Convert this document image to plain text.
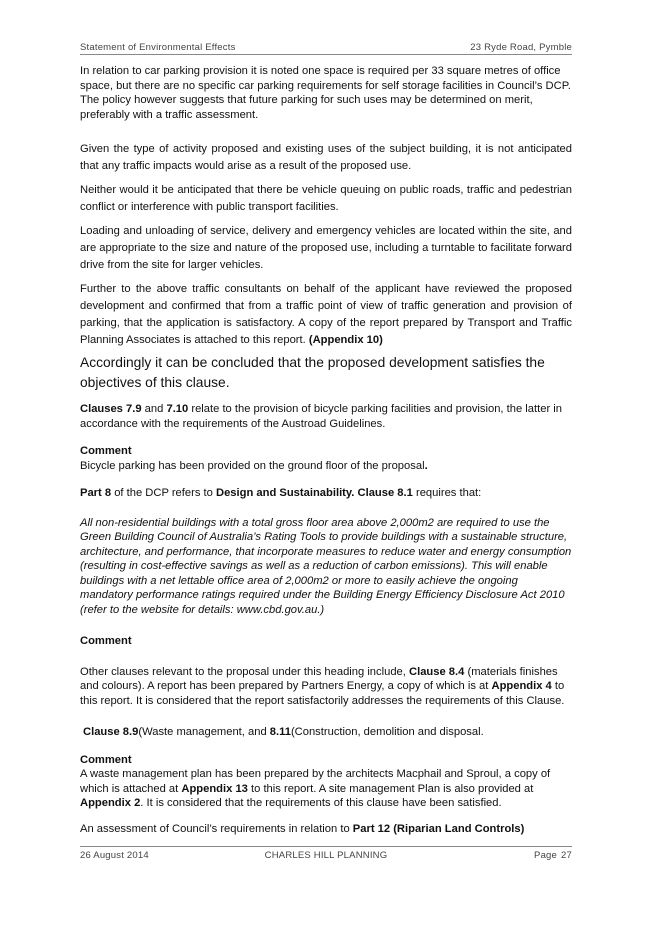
Statement of Environmental Effects	23 Ryde Road, Pymble

In relation to car parking provision it is noted one space is required per 33 square metres of office space, but there are no specific car parking requirements for self storage facilities in Council’s DCP. The policy however suggests that future parking for such uses may be determined on merit, preferably with a traffic assessment.

Given the type of activity proposed and existing uses of the subject building, it is not anticipated that any traffic impacts would arise as a result of the proposed use.

Neither would it be anticipated that there be vehicle queuing on public roads, traffic and pedestrian conflict or interference with public transport facilities.

Loading and unloading of service, delivery and emergency vehicles are located within the site, and are appropriate to the size and nature of the proposed use, including a turntable to facilitate forward drive from the site for larger vehicles.

Further to the above traffic consultants on behalf of the applicant have reviewed the proposed development and confirmed that from a traffic point of view of traffic generation and provision of parking, that the application is satisfactory. A copy of the report prepared by Transport and Traffic Planning Associates is attached to this report. (Appendix 10)

Accordingly it can be concluded that the proposed development satisfies the objectives of this clause.

Clauses 7.9 and 7.10 relate to the provision of bicycle parking facilities and provision, the latter in accordance with the requirements of the Austroad Guidelines.

Comment

Bicycle parking has been provided on the ground floor of the proposal.

Part 8 of the DCP refers to Design and Sustainability. Clause 8.1 requires that:

All non-residential buildings with a total gross floor area above 2,000m2 are required to use the Green Building Council of Australia’s Rating Tools to provide buildings with a sustainable structure, architecture, and performance, that incorporate measures to reduce water and energy consumption (resulting in cost-effective savings as well as a reduction of carbon emissions). This will enable buildings with a net lettable office area of 2,000m2 or more to easily achieve the ongoing mandatory performance ratings required under the Building Energy Efficiency Disclosure Act 2010 (refer to the website for details: www.cbd.gov.au.)

Comment

Other clauses relevant to the proposal under this heading include, Clause 8.4 (materials finishes and colours). A report has been prepared by Partners Energy, a copy of which is at Appendix 4 to this report. It is considered that the report satisfactorily addresses the requirements of this Clause.

Clause 8.9(Waste management, and 8.11(Construction, demolition and disposal.

Comment

A waste management plan has been prepared by the architects Macphail and Sproul, a copy of which is attached at Appendix 13 to this report. A site management Plan is also provided at Appendix 2. It is considered that the requirements of this clause have been satisfied.

An assessment of Council’s requirements in relation to Part 12 (Riparian Land Controls)

26 August 2014	CHARLES HILL PLANNING	Page 27
